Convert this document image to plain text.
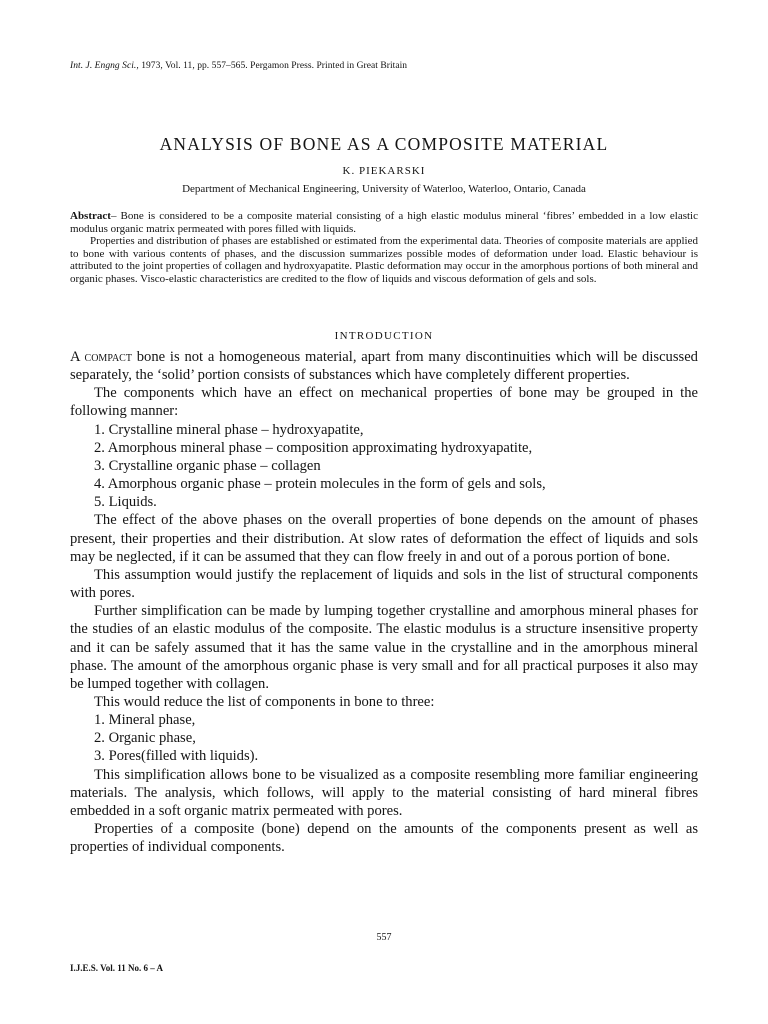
Int. J. Engng Sci., 1973, Vol. 11, pp. 557–565. Pergamon Press. Printed in Great Britain
ANALYSIS OF BONE AS A COMPOSITE MATERIAL
K. PIEKARSKI
Department of Mechanical Engineering, University of Waterloo, Waterloo, Ontario, Canada

Abstract– Bone is considered to be a composite material consisting of a high elastic modulus mineral ‘fibres’ embedded in a low elastic modulus organic matrix permeated with pores filled with liquids.

Properties and distribution of phases are established or estimated from the experimental data. Theories of composite materials are applied to bone with various contents of phases, and the discussion summarizes possible modes of deformation under load. Elastic behaviour is attributed to the joint properties of collagen and hydroxyapatite. Plastic deformation may occur in the amorphous portions of both mineral and organic phases. Visco-elastic characteristics are credited to the flow of liquids and viscous deformation of gels and sols.

INTRODUCTION

A compact bone is not a homogeneous material, apart from many discontinuities which will be discussed separately, the ‘solid’ portion consists of substances which have completely different properties.

The components which have an effect on mechanical properties of bone may be grouped in the following manner:

1. Crystalline mineral phase – hydroxyapatite,

2. Amorphous mineral phase – composition approximating hydroxyapatite,

3. Crystalline organic phase – collagen

4. Amorphous organic phase – protein molecules in the form of gels and sols,

5. Liquids.

The effect of the above phases on the overall properties of bone depends on the amount of phases present, their properties and their distribution. At slow rates of deformation the effect of liquids and sols may be neglected, if it can be assumed that they can flow freely in and out of a porous portion of bone.

This assumption would justify the replacement of liquids and sols in the list of structural components with pores.

Further simplification can be made by lumping together crystalline and amorphous mineral phases for the studies of an elastic modulus of the composite. The elastic modulus is a structure insensitive property and it can be safely assumed that it has the same value in the crystalline and in the amorphous mineral phase. The amount of the amorphous organic phase is very small and for all practical purposes it also may be lumped together with collagen.

This would reduce the list of components in bone to three:

1. Mineral phase,

2. Organic phase,

3. Pores(filled with liquids).

This simplification allows bone to be visualized as a composite resembling more familiar engineering materials. The analysis, which follows, will apply to the material consisting of hard mineral fibres embedded in a soft organic matrix permeated with pores.

Properties of a composite (bone) depend on the amounts of the components present as well as properties of individual components.

557
I.J.E.S. Vol. 11 No. 6 – A
